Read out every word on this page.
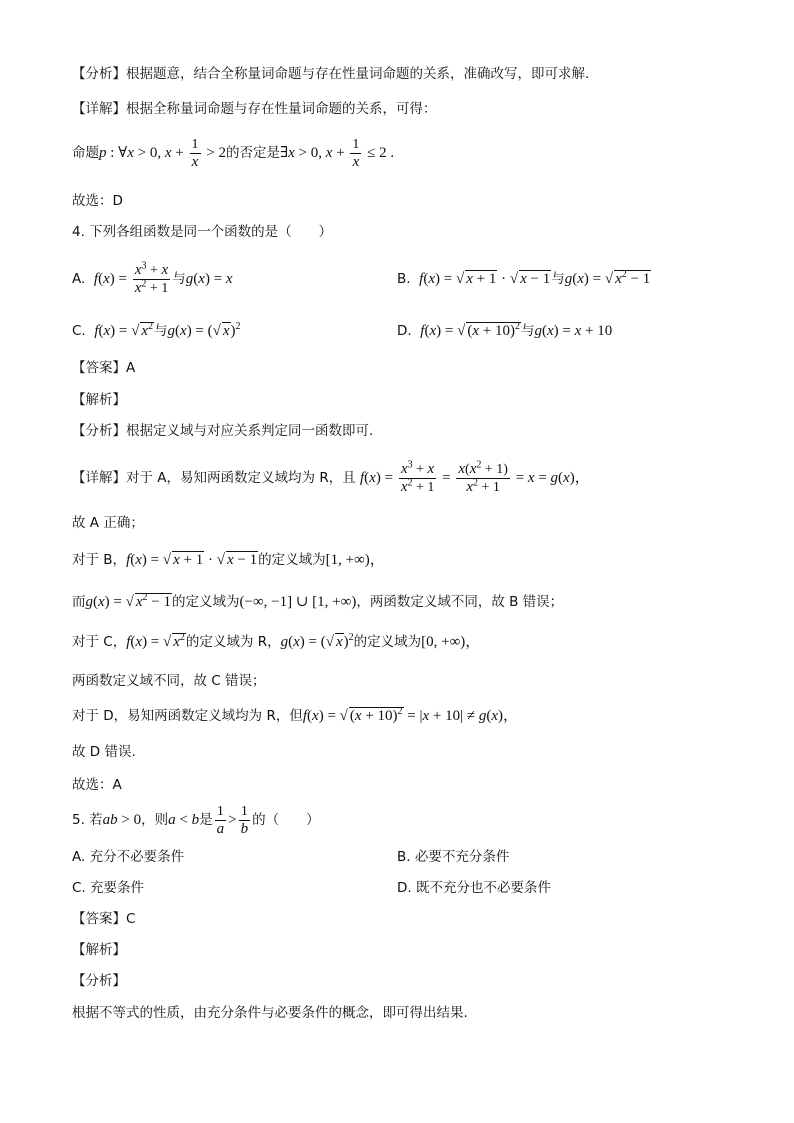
【分析】根据题意，结合全称量词命题与存在性量词命题的关系，准确改写，即可求解.
【详解】根据全称量词命题与存在性量词命题的关系，可得：
命题p : ∀x > 0, $x + \frac{1}{x} > 2$的否定是∃x > 0, $x + \frac{1}{x} \le 2$ .
故选：D
4. 下列各组函数是同一个函数的是（　　）
A. $f(x) = \frac{x^3 + x}{x^2 + 1}$ 与g(x) = x	B. f(x) = √ x + 1 · √ x − 1与g(x) = √ $x^2 - 1$
C. f(x) = √ $x^2$与g(x) = (√ x)$^2$	D. f(x) = √ $(x + 10)^2$与g(x) = x + 10
【答案】A
【解析】
【分析】根据定义域与对应关系判定同一函数即可.
【详解】对于 A，易知两函数定义域均为 R，且 $f(x) = \frac{x^3 + x}{x^2 + 1} = \frac{x(x^2 + 1)}{x^2 + 1} = x = g(x)$，
故 A 正确；
对于 B，f(x) = √ x + 1 · √ x − 1的定义域为[1, +∞)，
而g(x) = √ $x^2 - 1$的定义域为(−∞, −1] ∪ [1, +∞)，两函数定义域不同，故 B 错误；
对于 C，f(x) = √ $x^2$的定义域为 R，g(x) = (√ x)$^2$的定义域为[0, +∞)，
两函数定义域不同，故 C 错误；
对于 D，易知两函数定义域均为 R，但f(x) = √ $(x + 10)^2 = |x + 10| \ne g(x)$，
故 D 错误.
故选：A
5. 若ab > 0，则a < b是 $\frac{1}{a} > \frac{1}{b}$ 的（　　）
A. 充分不必要条件	B. 必要不充分条件
C. 充要条件	D. 既不充分也不必要条件
【答案】C
【解析】
【分析】
根据不等式的性质，由充分条件与必要条件的概念，即可得出结果.
